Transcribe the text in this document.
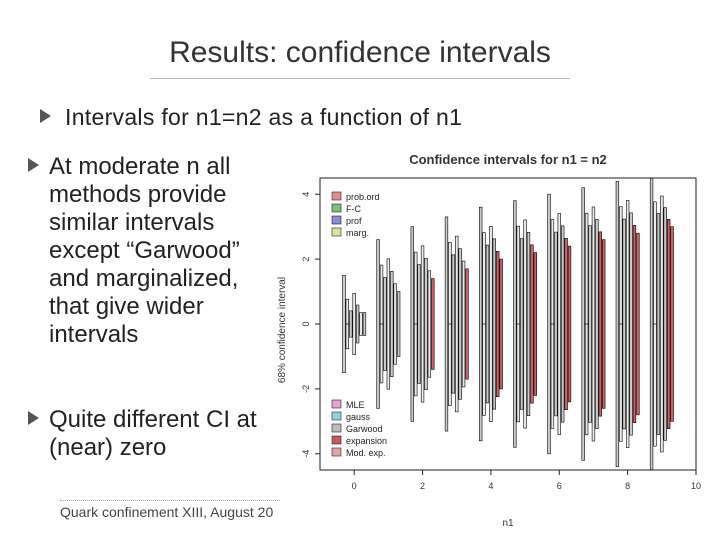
Results: confidence intervals
Intervals for n1=n2 as a function of n1
At moderate n all methods provide similar intervals except “Garwood” and marginalized, that give wider intervals
Quite different CI at (near) zero
Quark confinement XIII, August 20
Confidence intervals for n1 = n2
68% confidence interval
n1
-4
-2
0
2
4
0	2	4	6	8	10
prob.ord
F-C
prof
marg.
MLE
gauss
Garwood
expansion
Mod. exp.
